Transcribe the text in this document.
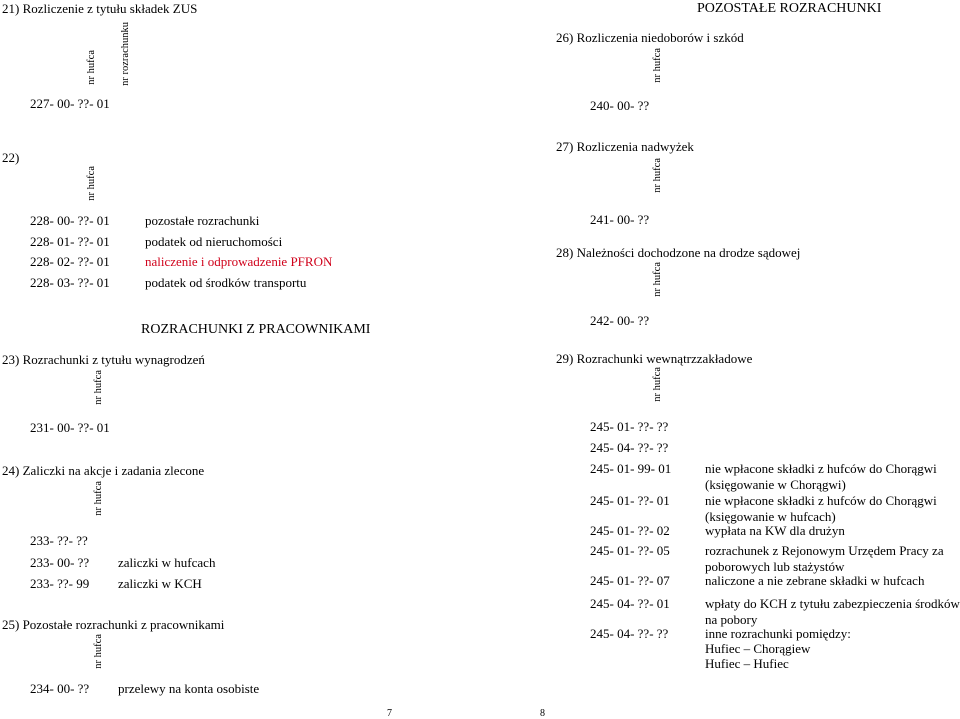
21) Rozliczenie z tytułu składek ZUS
nr hufca nr rozrachunku
227- 00- ??- 01
22)
nr hufca
228- 00- ??- 01	pozostałe rozrachunki
228- 01- ??- 01	podatek od nieruchomości
228- 02- ??- 01	naliczenie i odprowadzenie PFRON
228- 03- ??- 01	podatek od środków transportu
ROZRACHUNKI Z PRACOWNIKAMI
23) Rozrachunki z tytułu wynagrodzeń
nr hufca
231- 00- ??- 01
24) Zaliczki na akcje i zadania zlecone
nr hufca
233- ??- ??
233- 00- ?? zaliczki w hufcach
233- ??- 99 zaliczki w KCH
25) Pozostałe rozrachunki z pracownikami
nr hufca
234- 00- ?? przelewy na konta osobiste
7
POZOSTAŁE ROZRACHUNKI
26) Rozliczenia niedoborów i szkód
nr hufca
240- 00- ??
27) Rozliczenia nadwyżek
nr hufca
241- 00- ??
28) Należności dochodzone na drodze sądowej
nr hufca
242- 00- ??
29) Rozrachunki wewnątrzzakładowe
nr hufca
245- 01- ??- ??
245- 04- ??- ??
245- 01- 99- 01	nie wpłacone składki z hufców do Chorągwi
(księgowanie w Chorągwi)
245- 01- ??- 01	nie wpłacone składki z hufców do Chorągwi
(księgowanie w hufcach)
245- 01- ??- 02	wypłata na KW dla drużyn
245- 01- ??- 05	rozrachunek z Rejonowym Urzędem Pracy za
poborowych lub stażystów
245- 01- ??- 07	naliczone a nie zebrane składki w hufcach
245- 04- ??- 01	wpłaty do KCH z tytułu zabezpieczenia środków
na pobory
245- 04- ??- ??	inne rozrachunki pomiędzy:
Hufiec – Chorągiew
Hufiec – Hufiec
8
